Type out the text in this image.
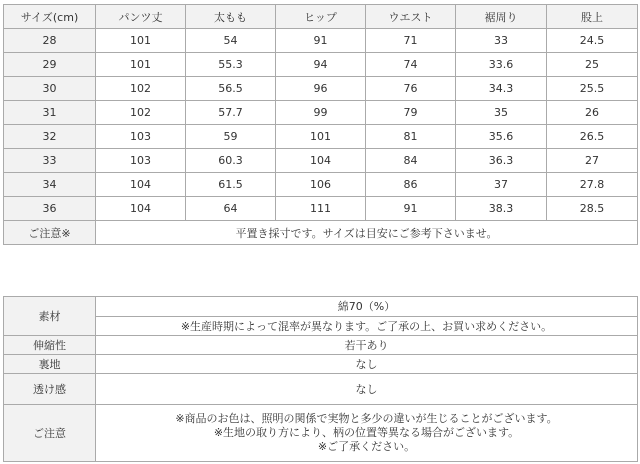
サイズ(cm)	パンツ丈	太もも	ヒップ	ウエスト	裾周り	股上
28	101	54	91	71	33	24.5
29	101	55.3	94	74	33.6	25
30	102	56.5	96	76	34.3	25.5
31	102	57.7	99	79	35	26
32	103	59	101	81	35.6	26.5
33	103	60.3	104	84	36.3	27
34	104	61.5	106	86	37	27.8
36	104	64	111	91	38.3	28.5
ご注意※	平置き採寸です。サイズは目安にご参考下さいませ。					
素材	綿70（%）
	※生産時期によって混率が異なります。ご了承の上、お買い求めください。
伸縮性	若干あり
裏地	なし
透け感	なし
ご注意	※商品のお色は、照明の関係で実物と多少の違いが生じることがございます。
※生地の取り方により、柄の位置等異なる場合がございます。
※ご了承ください。
